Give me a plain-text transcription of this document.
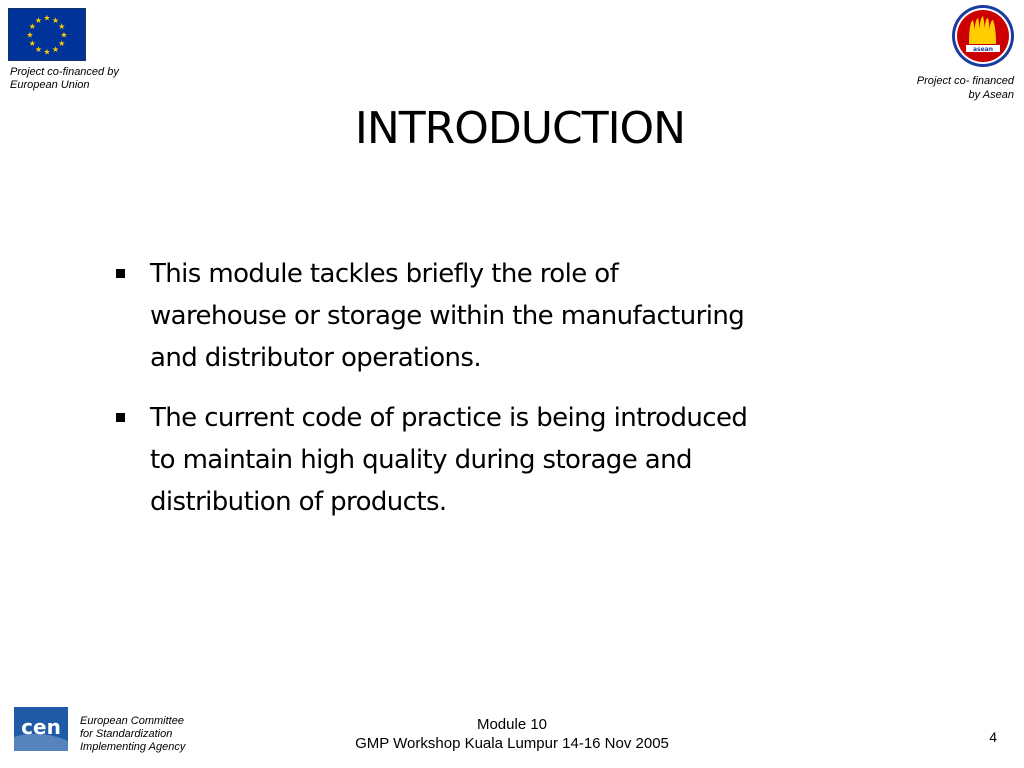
★ ★
★
★
★
★
★
★
★
★
★
★
Project co-financed by
European Union
asean
Project co- financed
by Asean
INTRODUCTION
This module tackles briefly the role of
warehouse or storage within the manufacturing
and distributor operations.
The current code of practice is being introduced
to maintain high quality during storage and
distribution of products.
cen European Committee
for Standardization
Implementing Agency
Module 10
GMP Workshop Kuala Lumpur 14-16 Nov 2005	4
